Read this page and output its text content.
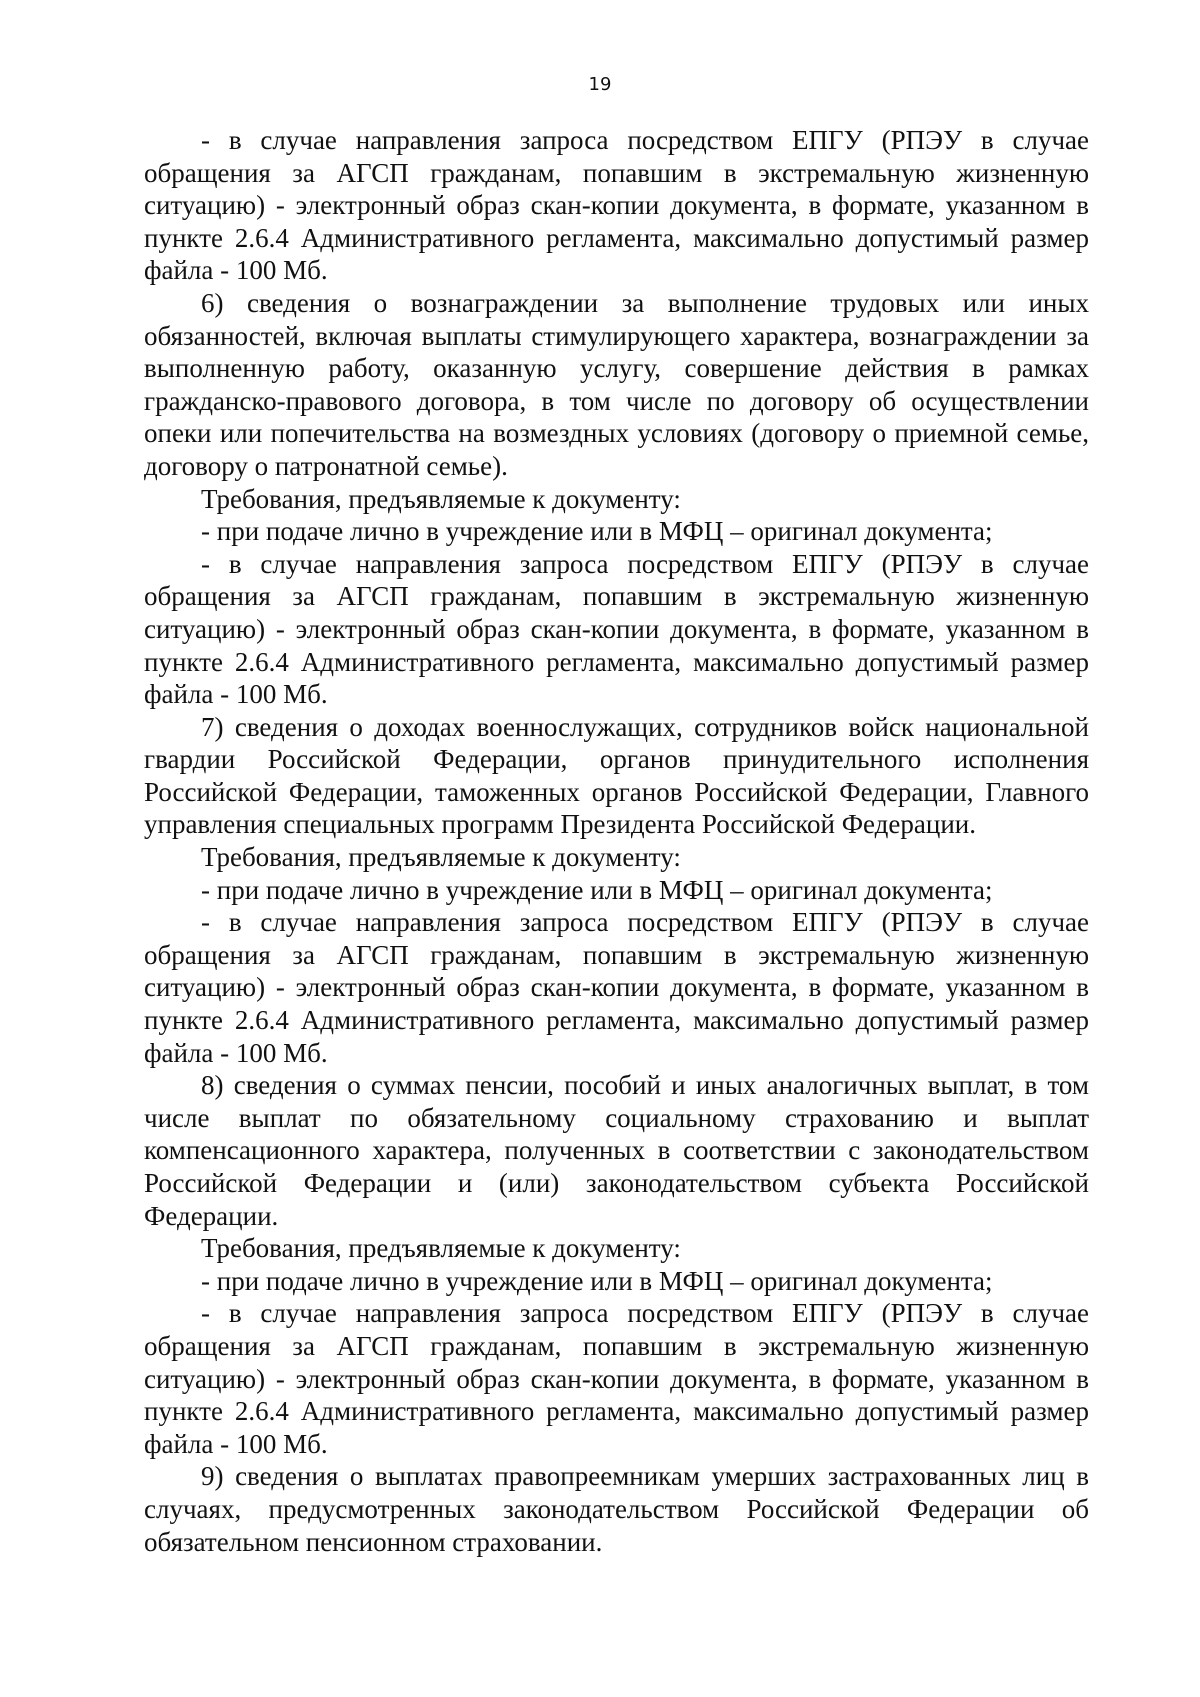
19

- в случае направления запроса посредством ЕПГУ (РПЭУ в случае обращения за АГСП гражданам, попавшим в экстремальную жизненную ситуацию) - электронный образ скан-копии документа, в формате, указанном в пункте 2.6.4 Административного регламента, максимально допустимый размер файла - 100 Мб.

6) сведения о вознаграждении за выполнение трудовых или иных обязанностей, включая выплаты стимулирующего характера, вознаграждении за выполненную работу, оказанную услугу, совершение действия в рамках гражданско-правового договора, в том числе по договору об осуществлении опеки или попечительства на возмездных условиях (договору о приемной семье, договору о патронатной семье).

Требования, предъявляемые к документу:

- при подаче лично в учреждение или в МФЦ – оригинал документа;

- в случае направления запроса посредством ЕПГУ (РПЭУ в случае обращения за АГСП гражданам, попавшим в экстремальную жизненную ситуацию) - электронный образ скан-копии документа, в формате, указанном в пункте 2.6.4 Административного регламента, максимально допустимый размер файла - 100 Мб.

7) сведения о доходах военнослужащих, сотрудников войск национальной гвардии Российской Федерации, органов принудительного исполнения Российской Федерации, таможенных органов Российской Федерации, Главного управления специальных программ Президента Российской Федерации.

Требования, предъявляемые к документу:

- при подаче лично в учреждение или в МФЦ – оригинал документа;

- в случае направления запроса посредством ЕПГУ (РПЭУ в случае обращения за АГСП гражданам, попавшим в экстремальную жизненную ситуацию) - электронный образ скан-копии документа, в формате, указанном в пункте 2.6.4 Административного регламента, максимально допустимый размер файла - 100 Мб.

8) сведения о суммах пенсии, пособий и иных аналогичных выплат, в том числе выплат по обязательному социальному страхованию и выплат компенсационного характера, полученных в соответствии с законодательством Российской Федерации и (или) законодательством субъекта Российской Федерации.

Требования, предъявляемые к документу:

- при подаче лично в учреждение или в МФЦ – оригинал документа;

- в случае направления запроса посредством ЕПГУ (РПЭУ в случае обращения за АГСП гражданам, попавшим в экстремальную жизненную ситуацию) - электронный образ скан-копии документа, в формате, указанном в пункте 2.6.4 Административного регламента, максимально допустимый размер файла - 100 Мб.

9) сведения о выплатах правопреемникам умерших застрахованных лиц в случаях, предусмотренных законодательством Российской Федерации об обязательном пенсионном страховании.
